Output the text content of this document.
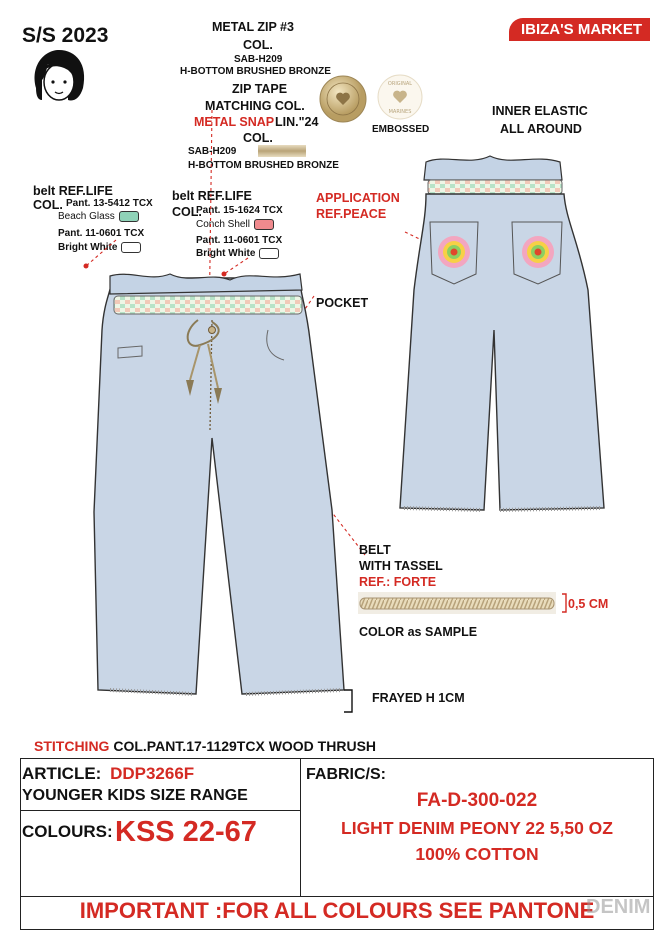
S/S 2023	IBIZA'S MARKET
METAL ZIP #3
COL.
SAB-H209
H-BOTTOM BRUSHED BRONZE
ZIP TAPE
MATCHING COL.
METAL SNAP LIN."24
COL.
SAB-H209
H-BOTTOM BRUSHED BRONZE
ORIGINAL
MARINES
EMBOSSED
belt REF.LIFE
COL. Pant. 13-5412 TCX
Beach Glass
Pant. 11-0601 TCX
Bright White
belt REF.LIFE
COL.
Pant. 15-1624 TCX
Conch Shell
Pant. 11-0601 TCX
Bright White
INNER ELASTIC
ALL AROUND
APPLICATION
REF.PEACE
POCKET
BELT
WITH TASSEL
REF.: FORTE
0,5 CM
COLOR as SAMPLE
FRAYED H 1CM
STITCHING COL.PANT.17-1129TCX WOOD THRUSH
ARTICLE: DDP3266F
YOUNGER KIDS SIZE RANGE
COLOURS: KSS 22-67
FABRIC/S:
FA-D-300-022
LIGHT DENIM PEONY 22 5,50 OZ
100% COTTON
IMPORTANT :FOR ALL COLOURS SEE PANTONE
DENIM
